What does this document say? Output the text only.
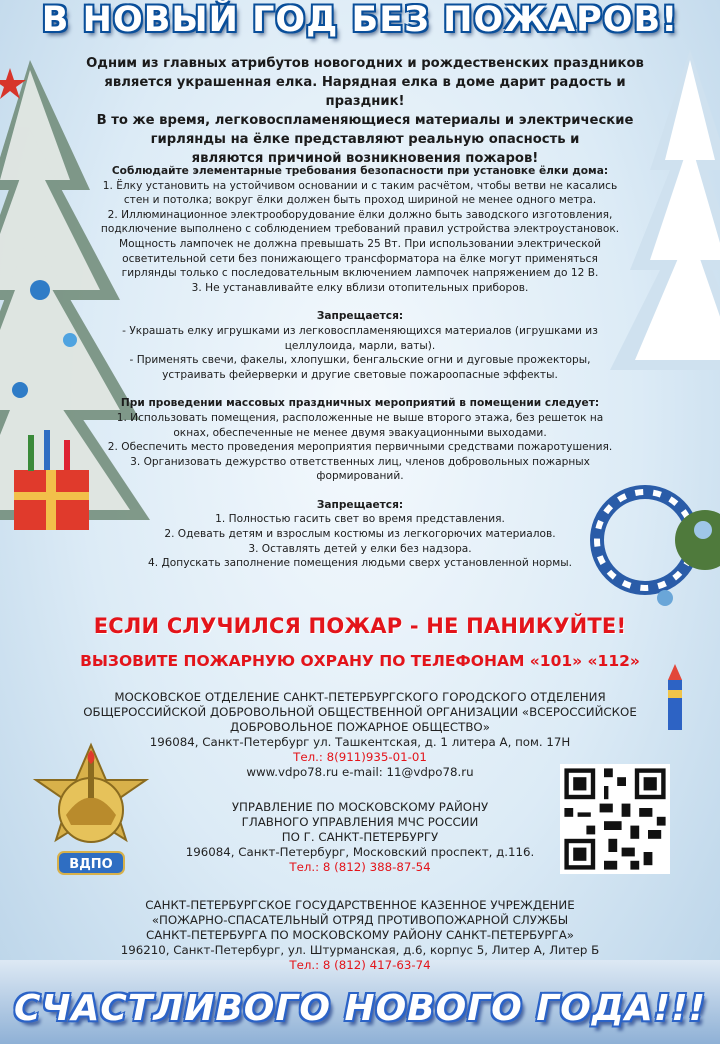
В НОВЫЙ ГОД БЕЗ ПОЖАРОВ!

Одним из главных атрибутов новогодних и рождественских праздников

является украшенная елка. Нарядная елка в доме дарит радость и праздник!

В то же время, легковоспламеняющиеся материалы и электрические

гирлянды на ёлке представляют реальную опасность и

являются причиной возникновения пожаров!

Соблюдайте элементарные требования безопасности при установке ёлки дома:

1. Ёлку установить на устойчивом основании и с таким расчётом, чтобы ветви не касались

стен и потолка; вокруг ёлки должен быть проход шириной не менее одного метра.

2. Иллюминационное электрооборудование ёлки должно быть заводского изготовления,

подключение выполнено с соблюдением требований правил устройства электроустановок.

Мощность лампочек не должна превышать 25 Вт. При использовании электрической

осветительной сети без понижающего трансформатора на ёлке могут применяться

гирлянды только с последовательным включением лампочек напряжением до 12 В.

3. Не устанавливайте елку вблизи отопительных приборов.

Запрещается:

- Украшать елку игрушками из легковоспламеняющихся материалов (игрушками из

целлулоида, марли, ваты).

- Применять свечи, факелы, хлопушки, бенгальские огни и дуговые прожекторы,

устраивать фейерверки и другие световые пожароопасные эффекты.

При проведении массовых праздничных мероприятий в помещении следует:

1. Использовать помещения, расположенные не выше второго этажа, без решеток на

окнах, обеспеченные не менее двумя эвакуационными выходами.

2. Обеспечить место проведения мероприятия первичными средствами пожаротушения.

3. Организовать дежурство ответственных лиц, членов добровольных пожарных

формирований.

Запрещается:

1. Полностью гасить свет во время представления.

2. Одевать детям и взрослым костюмы из легкогорючих материалов.

3. Оставлять детей у елки без надзора.

4. Допускать заполнение помещения людьми сверх установленной нормы.

ЕСЛИ СЛУЧИЛСЯ ПОЖАР - НЕ ПАНИКУЙТЕ!
ВЫЗОВИТЕ ПОЖАРНУЮ ОХРАНУ ПО ТЕЛЕФОНАМ «101» «112»

МОСКОВСКОЕ ОТДЕЛЕНИЕ САНКТ-ПЕТЕРБУРГСКОГО ГОРОДСКОГО ОТДЕЛЕНИЯ

ОБЩЕРОССИЙСКОЙ ДОБРОВОЛЬНОЙ ОБЩЕСТВЕННОЙ ОРГАНИЗАЦИИ «ВСЕРОССИЙСКОЕ

ДОБРОВОЛЬНОЕ ПОЖАРНОЕ ОБЩЕСТВО»

196084, Санкт-Петербург ул. Ташкентская, д. 1 литера А, пом. 17Н

Тел.: 8(911)935-01-01

www.vdpo78.ru e-mail: 11@vdpo78.ru

УПРАВЛЕНИЕ ПО МОСКОВСКОМУ РАЙОНУ

ГЛАВНОГО УПРАВЛЕНИЯ МЧС РОССИИ

ПО Г. САНКТ-ПЕТЕРБУРГУ

196084, Санкт-Петербург, Московский проспект, д.116.

Тел.: 8 (812) 388-87-54

САНКТ-ПЕТЕРБУРГСКОЕ ГОСУДАРСТВЕННОЕ КАЗЕННОЕ УЧРЕЖДЕНИЕ

«ПОЖАРНО-СПАСАТЕЛЬНЫЙ ОТРЯД ПРОТИВОПОЖАРНОЙ СЛУЖБЫ

САНКТ-ПЕТЕРБУРГА ПО МОСКОВСКОМУ РАЙОНУ САНКТ-ПЕТЕРБУРГА»

196210, Санкт-Петербург, ул. Штурманская, д.6, корпус 5, Литер А, Литер Б

Тел.: 8 (812) 417-63-74

ВДПО
СЧАСТЛИВОГО НОВОГО ГОДА!!!
